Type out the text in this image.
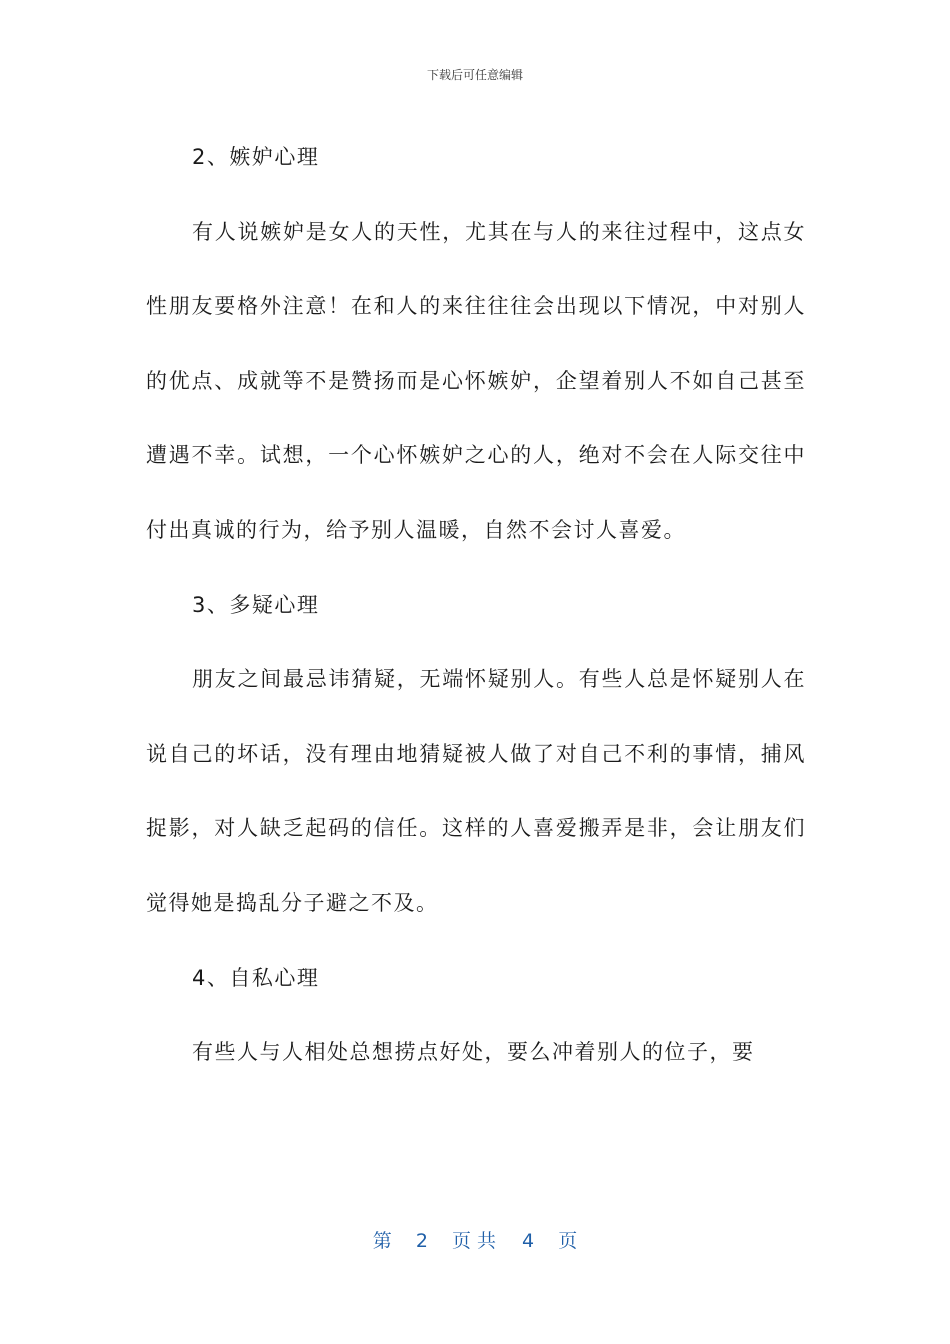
下载后可任意编辑

2、嫉妒心理

有人说嫉妒是女人的天性，尤其在与人的来往过程中，这点女性朋友要格外注意！在和人的来往往往会出现以下情况，中对别人的优点、成就等不是赞扬而是心怀嫉妒，企望着别人不如自己甚至遭遇不幸。试想，一个心怀嫉妒之心的人，绝对不会在人际交往中付出真诚的行为，给予别人温暖，自然不会讨人喜爱。

3、多疑心理

朋友之间最忌讳猜疑，无端怀疑别人。有些人总是怀疑别人在说自己的坏话，没有理由地猜疑被人做了对自己不利的事情，捕风捉影，对人缺乏起码的信任。这样的人喜爱搬弄是非，会让朋友们觉得她是捣乱分子避之不及。

4、自私心理

有些人与人相处总想捞点好处，要么冲着别人的位子，要

第 2 页共 4 页
